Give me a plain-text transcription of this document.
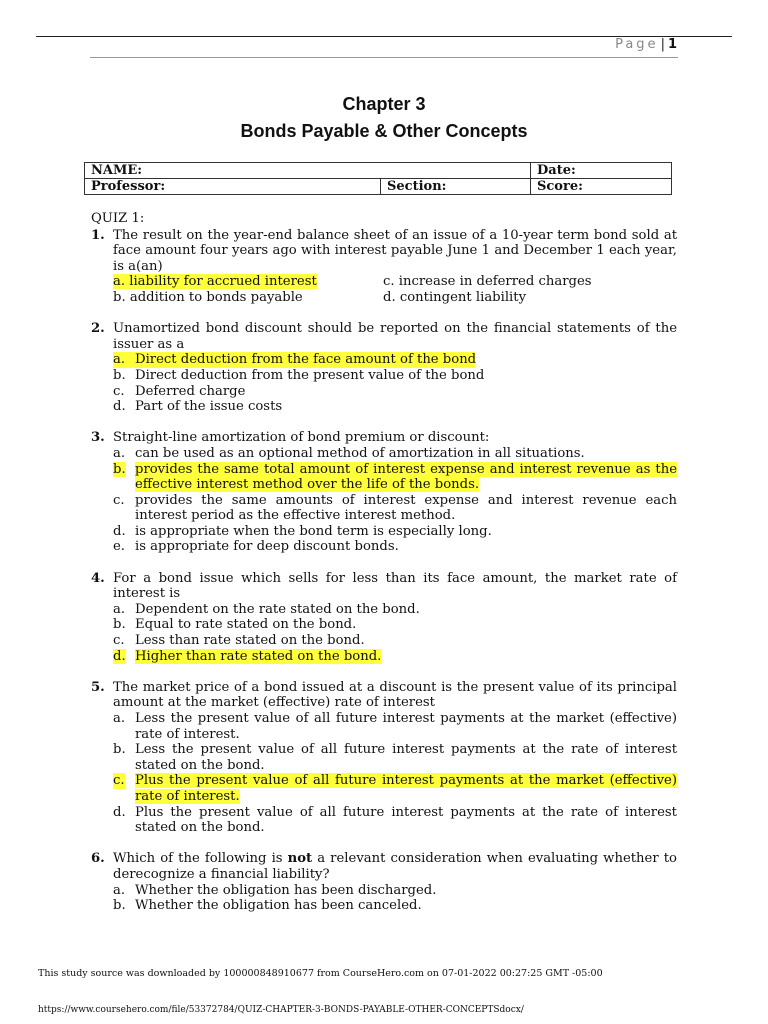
Page | 1
Chapter 3
Bonds Payable & Other Concepts
NAME:		Date:
Professor:	Section:	Score:
QUIZ 1:
1. The result on the year-end balance sheet of an issue of a 10-year term bond sold at face amount four years ago with interest payable June 1 and December 1 each year, is a(an)
a. liability for accrued interest	c. increase in deferred charges
b. addition to bonds payable	d. contingent liability
2. Unamortized bond discount should be reported on the financial statements of the issuer as a
a. Direct deduction from the face amount of the bond
b. Direct deduction from the present value of the bond
c. Deferred charge
d. Part of the issue costs
3. Straight-line amortization of bond premium or discount:
a. can be used as an optional method of amortization in all situations.
b. provides the same total amount of interest expense and interest revenue as the effective interest method over the life of the bonds.
c. provides the same amounts of interest expense and interest revenue each interest period as the effective interest method.
d. is appropriate when the bond term is especially long.
e. is appropriate for deep discount bonds.
4. For a bond issue which sells for less than its face amount, the market rate of interest is
a. Dependent on the rate stated on the bond.
b. Equal to rate stated on the bond.
c. Less than rate stated on the bond.
d. Higher than rate stated on the bond.
5. The market price of a bond issued at a discount is the present value of its principal amount at the market (effective) rate of interest
a. Less the present value of all future interest payments at the market (effective) rate of interest.
b. Less the present value of all future interest payments at the rate of interest stated on the bond.
c. Plus the present value of all future interest payments at the market (effective) rate of interest.
d. Plus the present value of all future interest payments at the rate of interest stated on the bond.
6. Which of the following is not a relevant consideration when evaluating whether to derecognize a financial liability?
a. Whether the obligation has been discharged.
b. Whether the obligation has been canceled.
This study source was downloaded by 100000848910677 from CourseHero.com on 07-01-2022 00:27:25 GMT -05:00
https://www.coursehero.com/file/53372784/QUIZ-CHAPTER-3-BONDS-PAYABLE-OTHER-CONCEPTSdocx/
